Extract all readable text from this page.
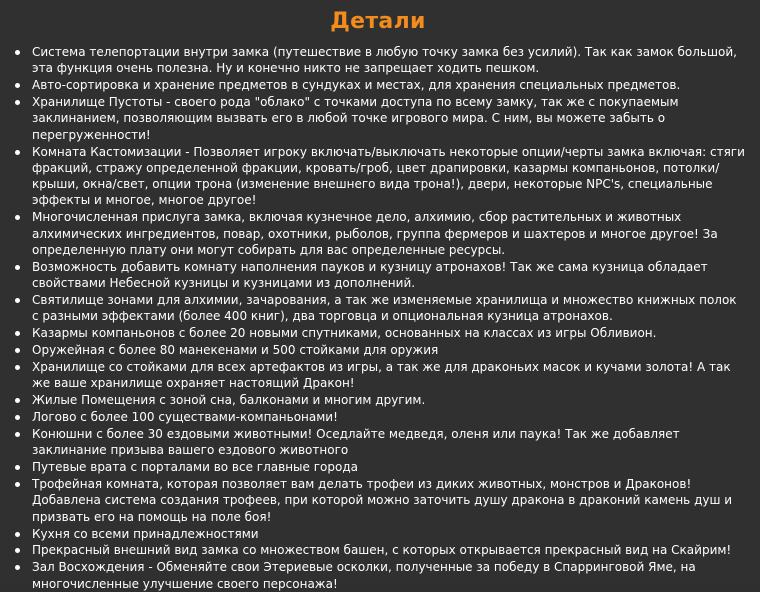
Детали
Система телепортации внутри замка (путешествие в любую точку замка без усилий). Так как замок большой, эта функция очень полезна. Ну и конечно никто не запрещает ходить пешком.
Авто-сортировка и хранение предметов в сундуках и местах, для хранения специальных предметов.
Хранилище Пустоты - своего рода "облако" с точками доступа по всему замку, так же с покупаемым заклинанием, позволяющим вызвать его в любой точке игрового мира. С ним, вы можете забыть о перегруженности!
Комната Кастомизации - Позволяет игроку включать/выключать некоторые опции/черты замка включая: стяги фракций, стражу определенной фракции, кровать/гроб, цвет драпировки, казармы компаньонов, потолки/крыши, окна/свет, опции трона (изменение внешнего вида трона!), двери, некоторые NPC's, специальные эффекты и многое, многое другое!
Многочисленная прислуга замка, включая кузнечное дело, алхимию, сбор растительных и животных алхимических ингредиентов, повар, охотники, рыболов, группа фермеров и шахтеров и многое другое! За определенную плату они могут собирать для вас определенные ресурсы.
Возможность добавить комнату наполнения пауков и кузницу атронахов! Так же сама кузница обладает свойствами Небесной кузницы и кузницами из дополнений.
Святилище зонами для алхимии, зачарования, а так же изменяемые хранилища и множество книжных полок с разными эффектами (более 400 книг), два торговца и опциональная кузница атронахов.
Казармы компаньонов с более 20 новыми спутниками, основанных на классах из игры Обливион.
Оружейная с более 80 манекенами и 500 стойками для оружия
Хранилище со стойками для всех артефактов из игры, а так же для драконьих масок и кучами золота! А так же ваше хранилище охраняет настоящий Дракон!
Жилые Помещения с зоной сна, балконами и многим другим.
Логово с более 100 существами-компаньонами!
Конюшни с более 30 ездовыми животными! Оседлайте медведя, оленя или паука! Так же добавляет заклинание призыва вашего ездового животного
Путевые врата с порталами во все главные города
Трофейная комната, которая позволяет вам делать трофеи из диких животных, монстров и Драконов! Добавлена система создания трофеев, при которой можно заточить душу дракона в драконий камень душ и призвать его на помощь на поле боя!
Кухня со всеми принадлежностями
Прекрасный внешний вид замка со множеством башен, с которых открывается прекрасный вид на Скайрим!
Зал Восхождения - Обменяйте свои Этериевые осколки, полученные за победу в Спарринговой Яме, на многочисленные улучшение своего персонажа!
